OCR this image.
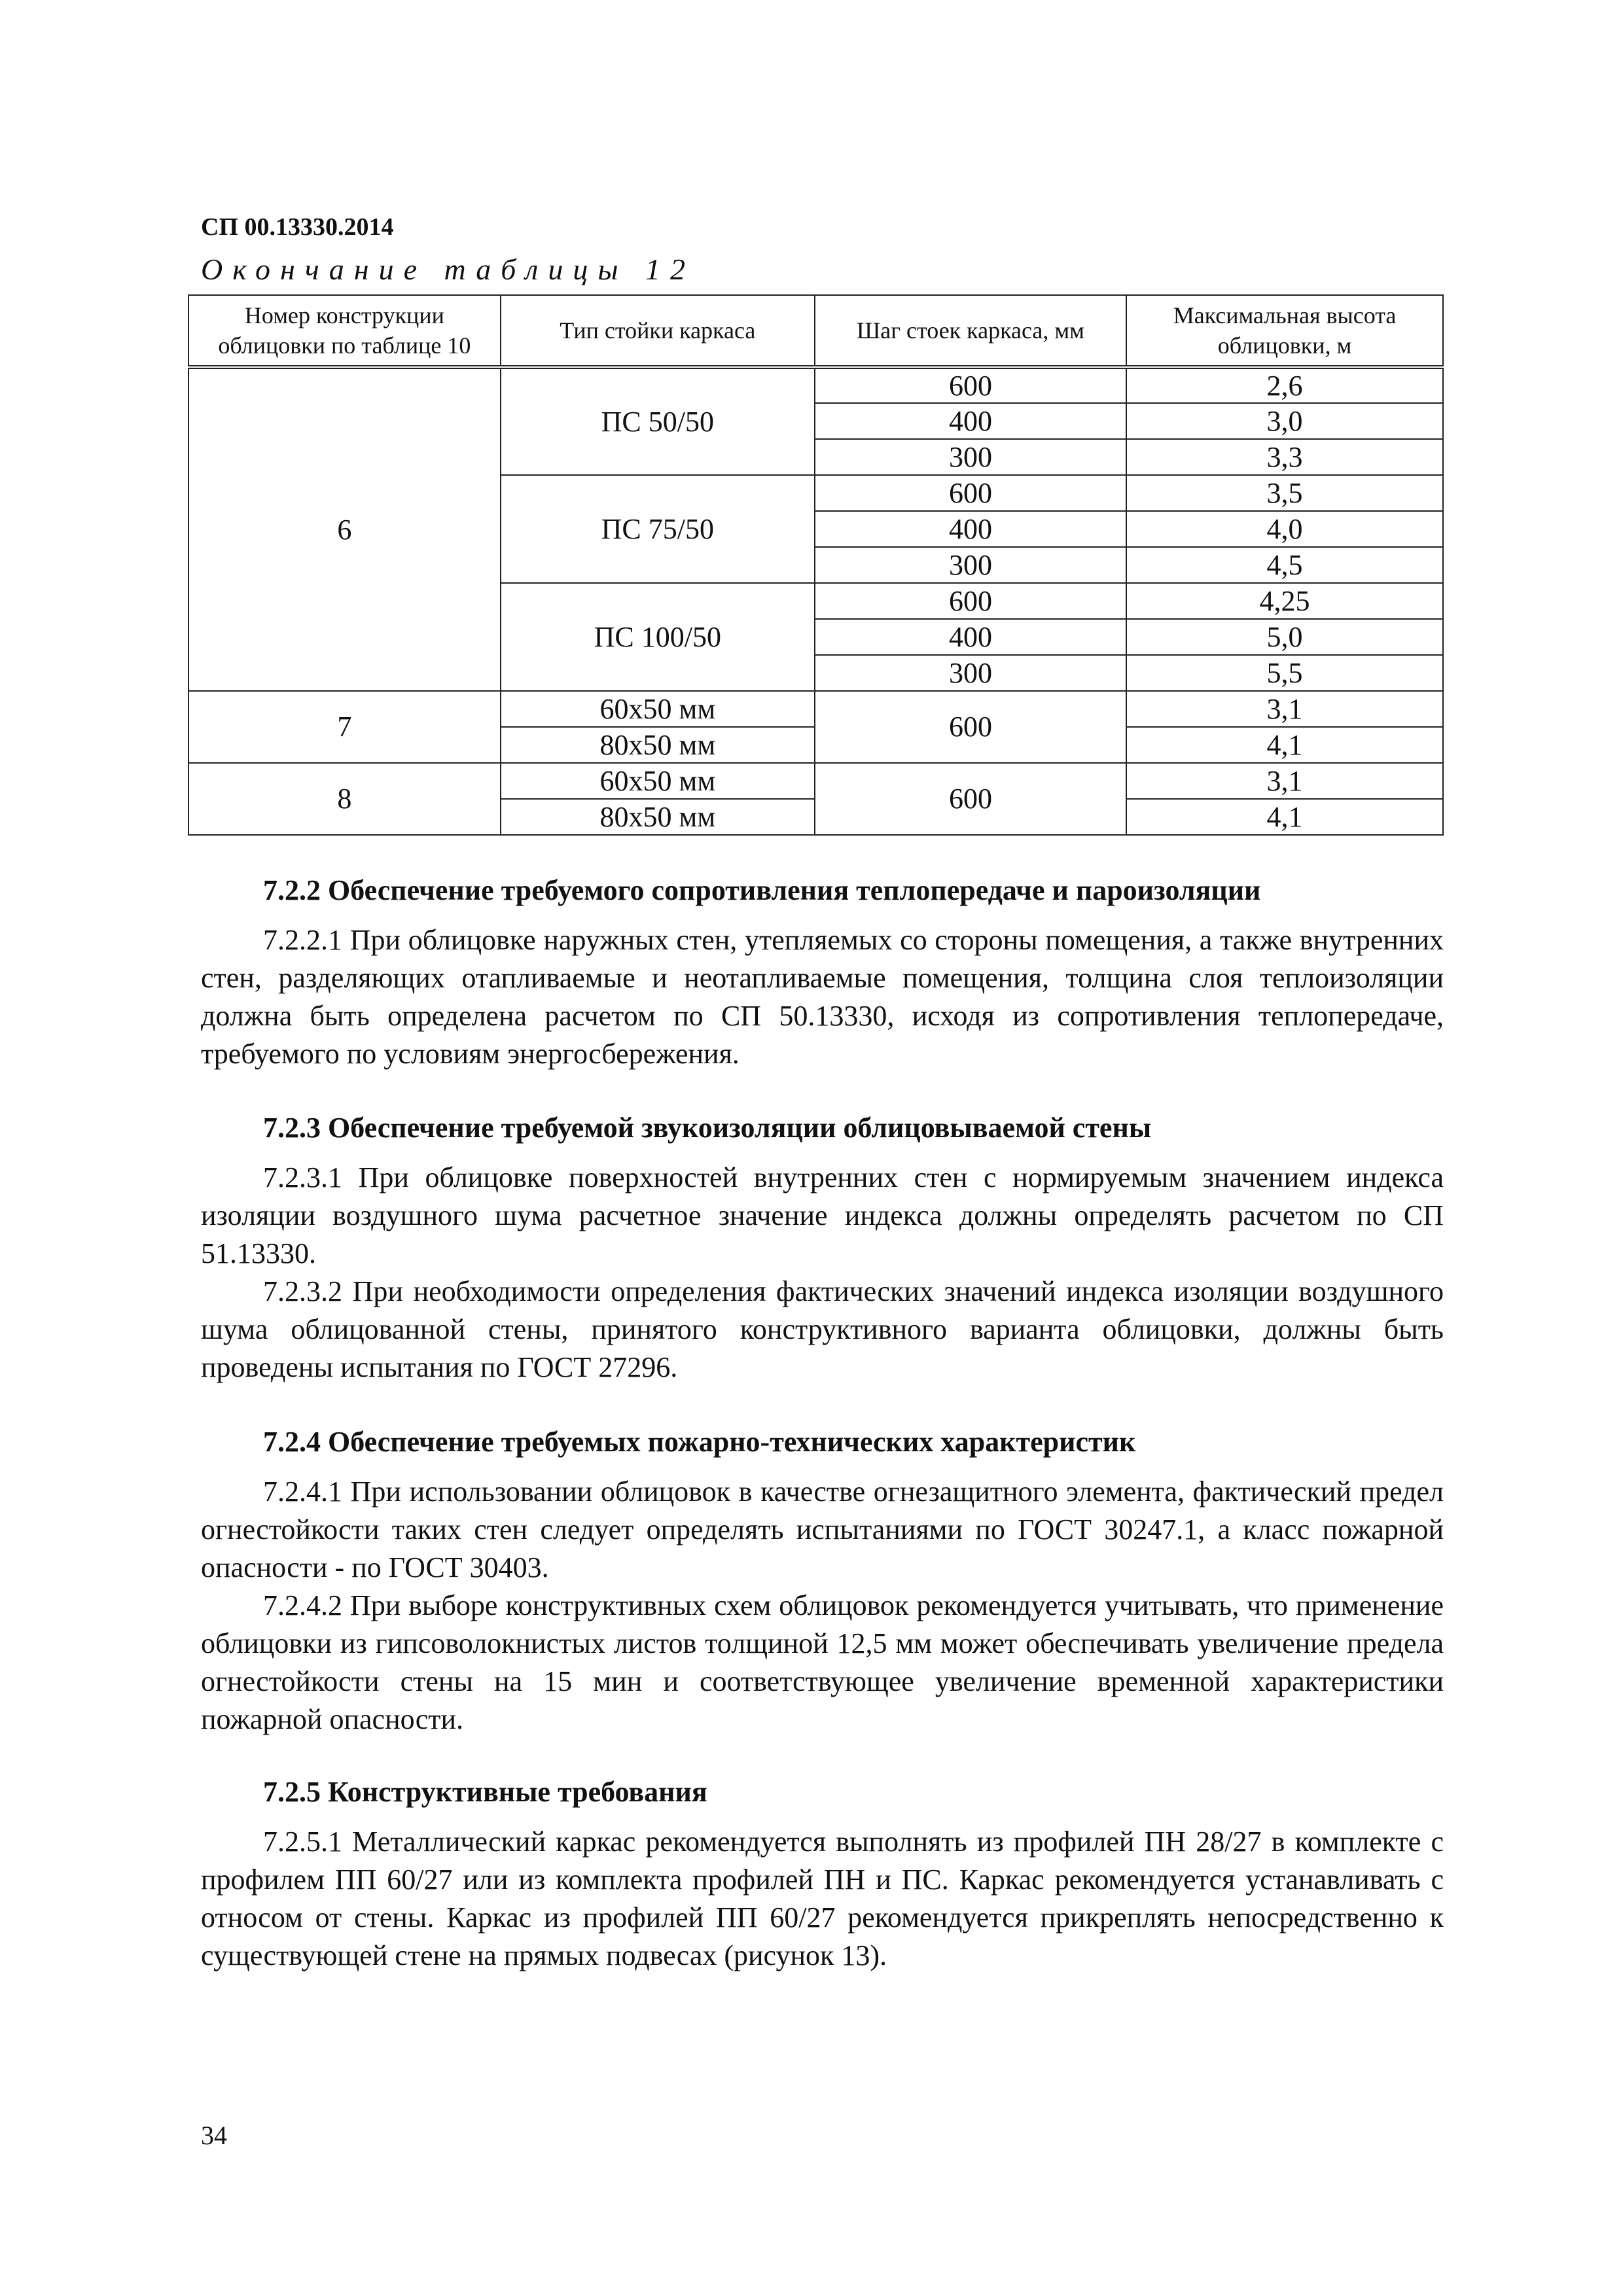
СП 00.13330.2014
Окончание таблицы 12
Номер конструкции облицовки по таблице 10	Тип стойки каркаса	Шаг стоек каркаса, мм	Максимальная высота облицовки, м
6	ПС 50/50	600	2,6
		400	3,0
		300	3,3
	ПС 75/50	600	3,5
		400	4,0
		300	4,5
	ПС 100/50	600	4,25
		400	5,0
		300	5,5
7	60х50 мм	600	3,1
	80х50 мм		4,1
8	60х50 мм	600	3,1
	80х50 мм		4,1
7.2.2 Обеспечение требуемого сопротивления теплопередаче и пароизоляции

7.2.2.1 При облицовке наружных стен, утепляемых со стороны помещения, а также внутренних стен, разделяющих отапливаемые и неотапливаемые помещения, толщина слоя теплоизоляции должна быть определена расчетом по СП 50.13330, исходя из сопротивления теплопередаче, требуемого по условиям энергосбережения.

7.2.3 Обеспечение требуемой звукоизоляции облицовываемой стены

7.2.3.1 При облицовке поверхностей внутренних стен с нормируемым значением индекса изоляции воздушного шума расчетное значение индекса должны определять расчетом по СП 51.13330.

7.2.3.2 При необходимости определения фактических значений индекса изоляции воздушного шума облицованной стены, принятого конструктивного варианта облицовки, должны быть проведены испытания по ГОСТ 27296.

7.2.4 Обеспечение требуемых пожарно-технических характеристик

7.2.4.1 При использовании облицовок в качестве огнезащитного элемента, фактический предел огнестойкости таких стен следует определять испытаниями по ГОСТ 30247.1, а класс пожарной опасности - по ГОСТ 30403.

7.2.4.2 При выборе конструктивных схем облицовок рекомендуется учитывать, что применение облицовки из гипсоволокнистых листов толщиной 12,5 мм может обеспечивать увеличение предела огнестойкости стены на 15 мин и соответствующее увеличение временной характеристики пожарной опасности.

7.2.5 Конструктивные требования

7.2.5.1 Металлический каркас рекомендуется выполнять из профилей ПН 28/27 в комплекте с профилем ПП 60/27 или из комплекта профилей ПН и ПС. Каркас рекомендуется устанавливать с относом от стены. Каркас из профилей ПП 60/27 рекомендуется прикреплять непосредственно к существующей стене на прямых подвесах (рисунок 13).

34
